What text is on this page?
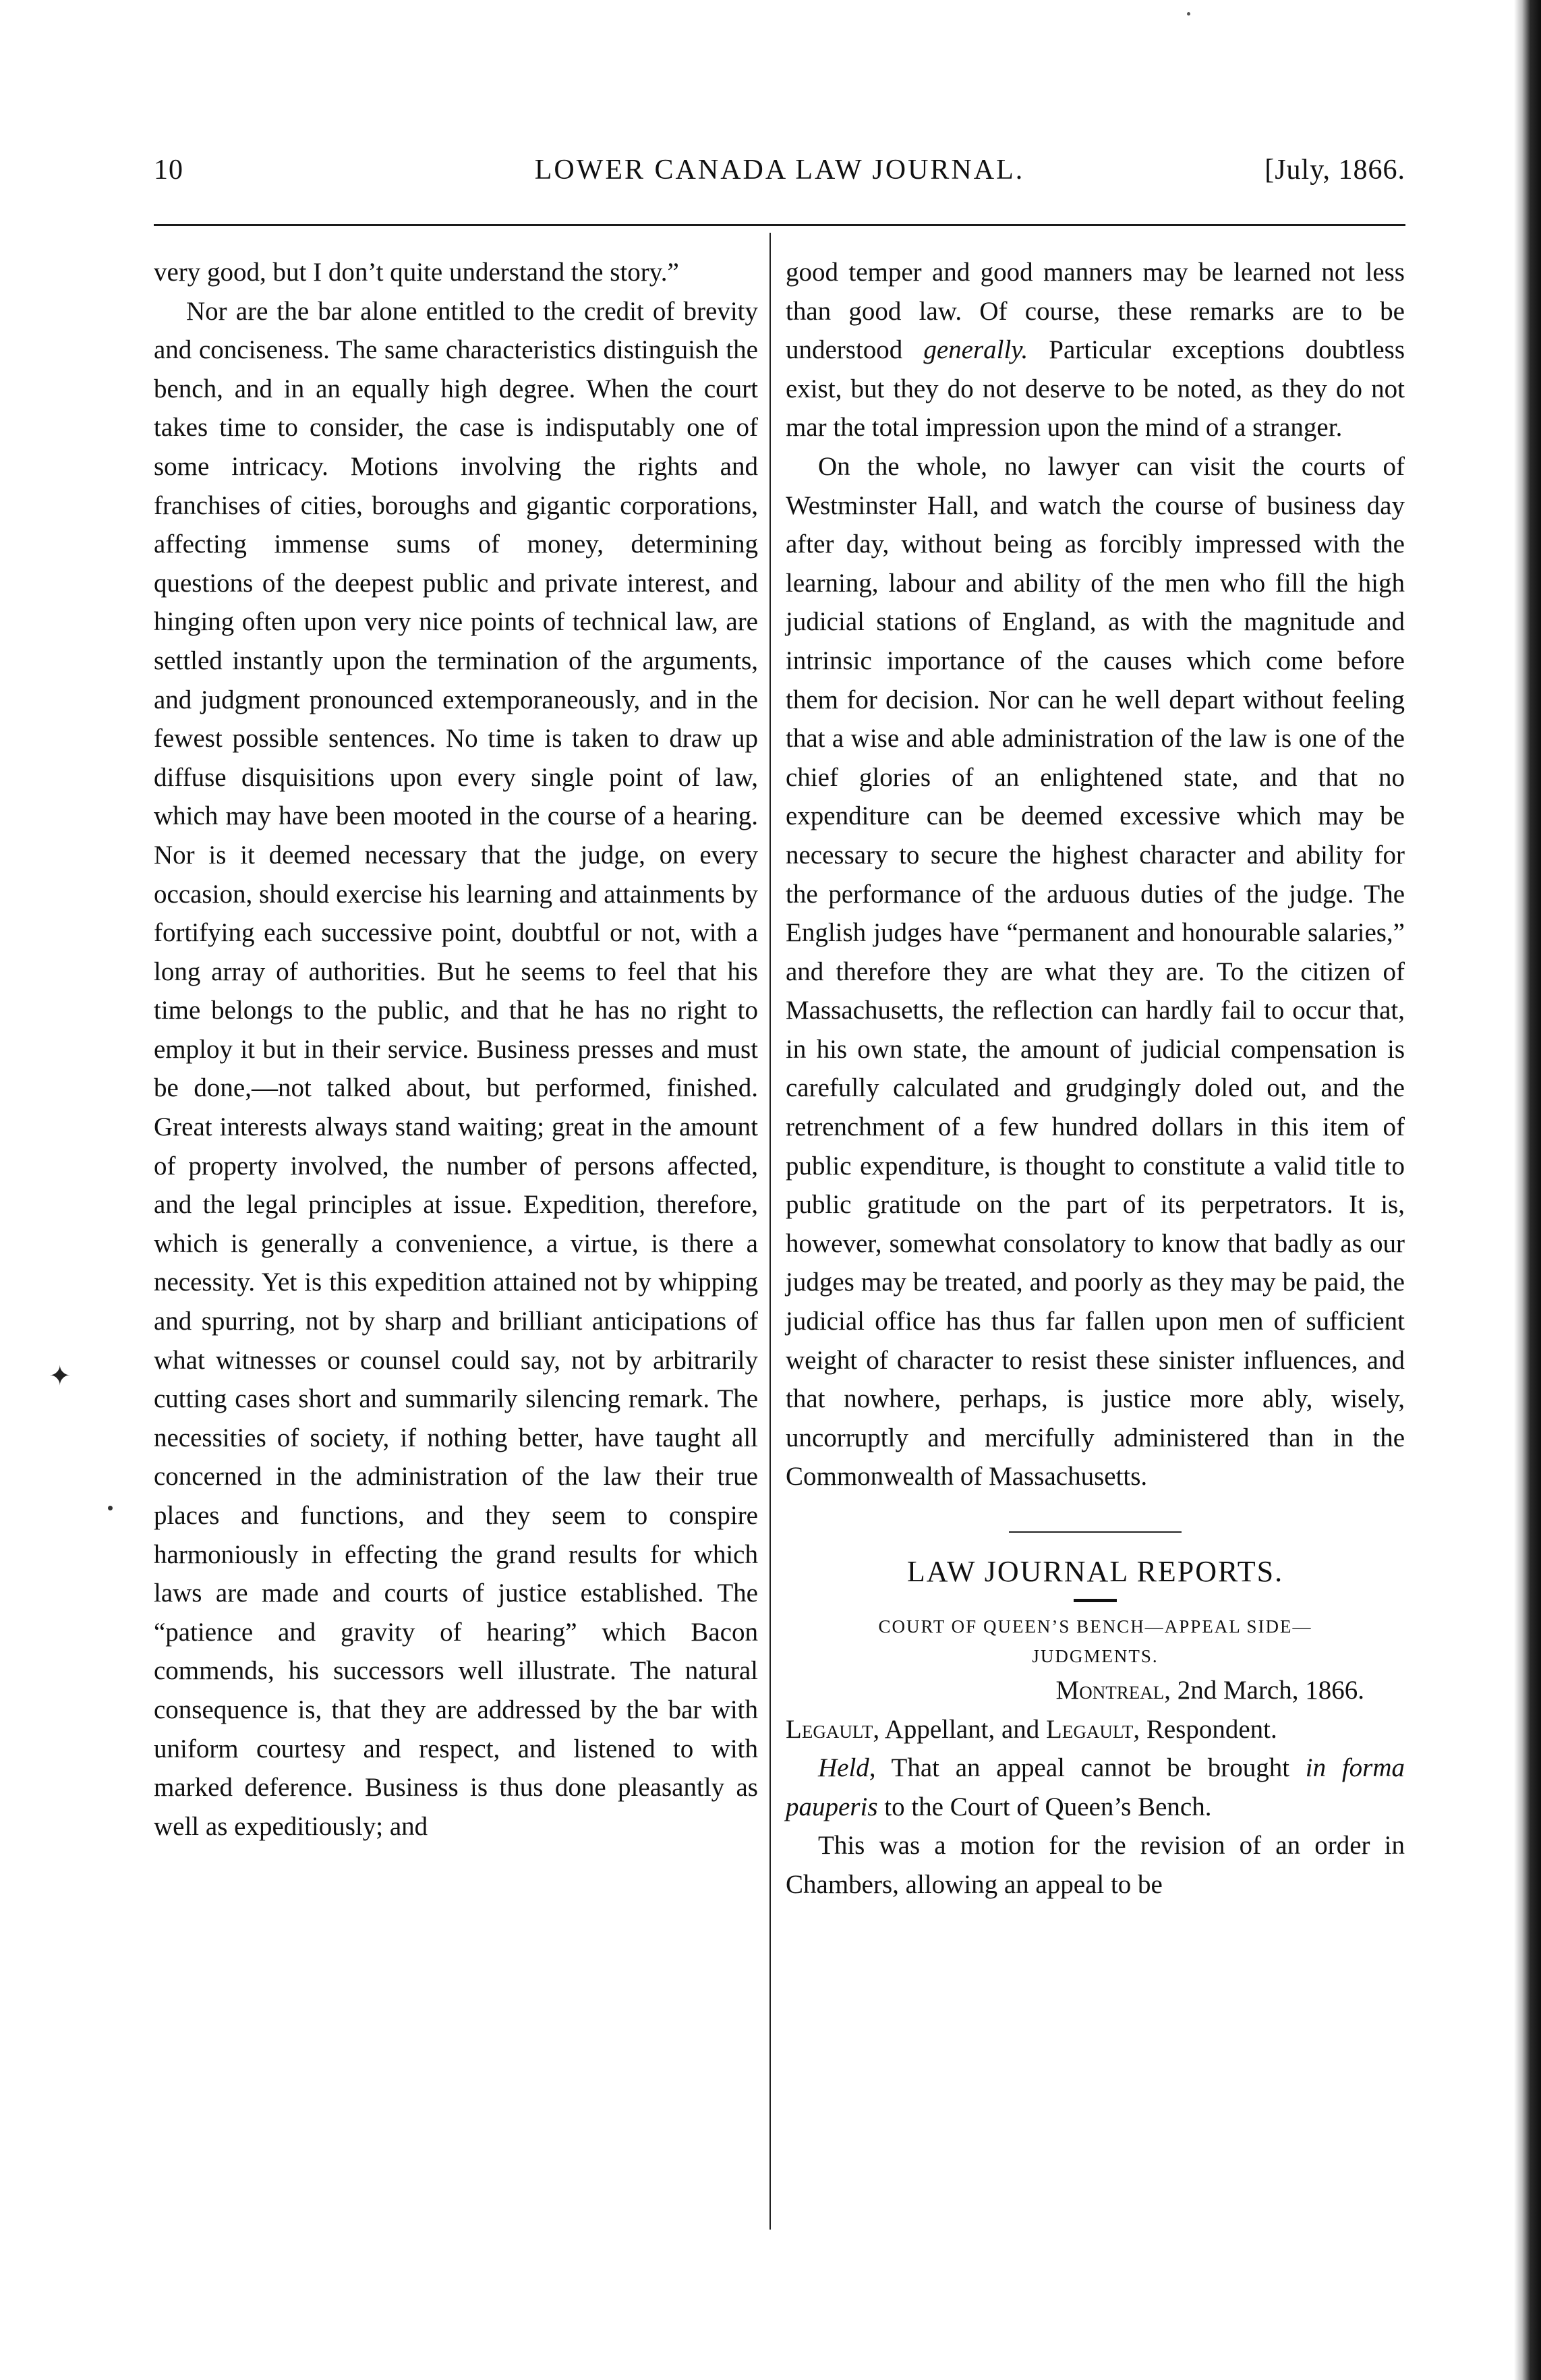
10	LOWER CANADA LAW JOURNAL.	[July, 1866.

very good, but I don’t quite understand the story.”

Nor are the bar alone entitled to the credit of brevity and conciseness. The same characteristics distinguish the bench, and in an equally high degree. When the court takes time to consider, the case is indisputably one of some intricacy. Motions involving the rights and franchises of cities, boroughs and gigantic corporations, affecting immense sums of money, determining questions of the deepest public and private interest, and hinging often upon very nice points of technical law, are settled instantly upon the termination of the arguments, and judgment pronounced extemporaneously, and in the fewest possible sentences. No time is taken to draw up diffuse disquisitions upon every single point of law, which may have been mooted in the course of a hearing. Nor is it deemed necessary that the judge, on every occasion, should exercise his learning and attainments by fortifying each successive point, doubtful or not, with a long array of authorities. But he seems to feel that his time belongs to the public, and that he has no right to employ it but in their service. Business presses and must be done,—not talked about, but performed, finished. Great interests always stand waiting; great in the amount of property involved, the number of persons affected, and the legal principles at issue. Expedition, therefore, which is generally a convenience, a virtue, is there a necessity. Yet is this expedition attained not by whipping and spurring, not by sharp and brilliant anticipations of what witnesses or counsel could say, not by arbitrarily cutting cases short and summarily silencing remark. The necessities of society, if nothing better, have taught all concerned in the administration of the law their true places and functions, and they seem to conspire harmoniously in effecting the grand results for which laws are made and courts of justice established. The “patience and gravity of hearing” which Bacon commends, his successors well illustrate. The natural consequence is, that they are addressed by the bar with uniform courtesy and respect, and listened to with marked deference. Business is thus done pleasantly as well as expeditiously; and

good temper and good manners may be learned not less than good law. Of course, these remarks are to be understood generally. Particular exceptions doubtless exist, but they do not deserve to be noted, as they do not mar the total impression upon the mind of a stranger.

On the whole, no lawyer can visit the courts of Westminster Hall, and watch the course of business day after day, without being as forcibly impressed with the learning, labour and ability of the men who fill the high judicial stations of England, as with the magnitude and intrinsic importance of the causes which come before them for decision. Nor can he well depart without feeling that a wise and able administration of the law is one of the chief glories of an enlightened state, and that no expenditure can be deemed excessive which may be necessary to secure the highest character and ability for the performance of the arduous duties of the judge. The English judges have “permanent and honourable salaries,” and therefore they are what they are. To the citizen of Massachusetts, the reflection can hardly fail to occur that, in his own state, the amount of judicial compensation is carefully calculated and grudgingly doled out, and the retrenchment of a few hundred dollars in this item of public expenditure, is thought to constitute a valid title to public gratitude on the part of its perpetrators. It is, however, somewhat consolatory to know that badly as our judges may be treated, and poorly as they may be paid, the judicial office has thus far fallen upon men of sufficient weight of character to resist these sinister influences, and that nowhere, perhaps, is justice more ably, wisely, uncorruptly and mercifully administered than in the Commonwealth of Massachusetts.

LAW JOURNAL REPORTS.

COURT OF QUEEN’S BENCH—APPEAL SIDE—

JUDGMENTS.

Montreal, 2nd March, 1866.

Legault, Appellant, and Legault, Respondent.

Held, That an appeal cannot be brought in forma pauperis to the Court of Queen’s Bench.

This was a motion for the revision of an order in Chambers, allowing an appeal to be

✦
